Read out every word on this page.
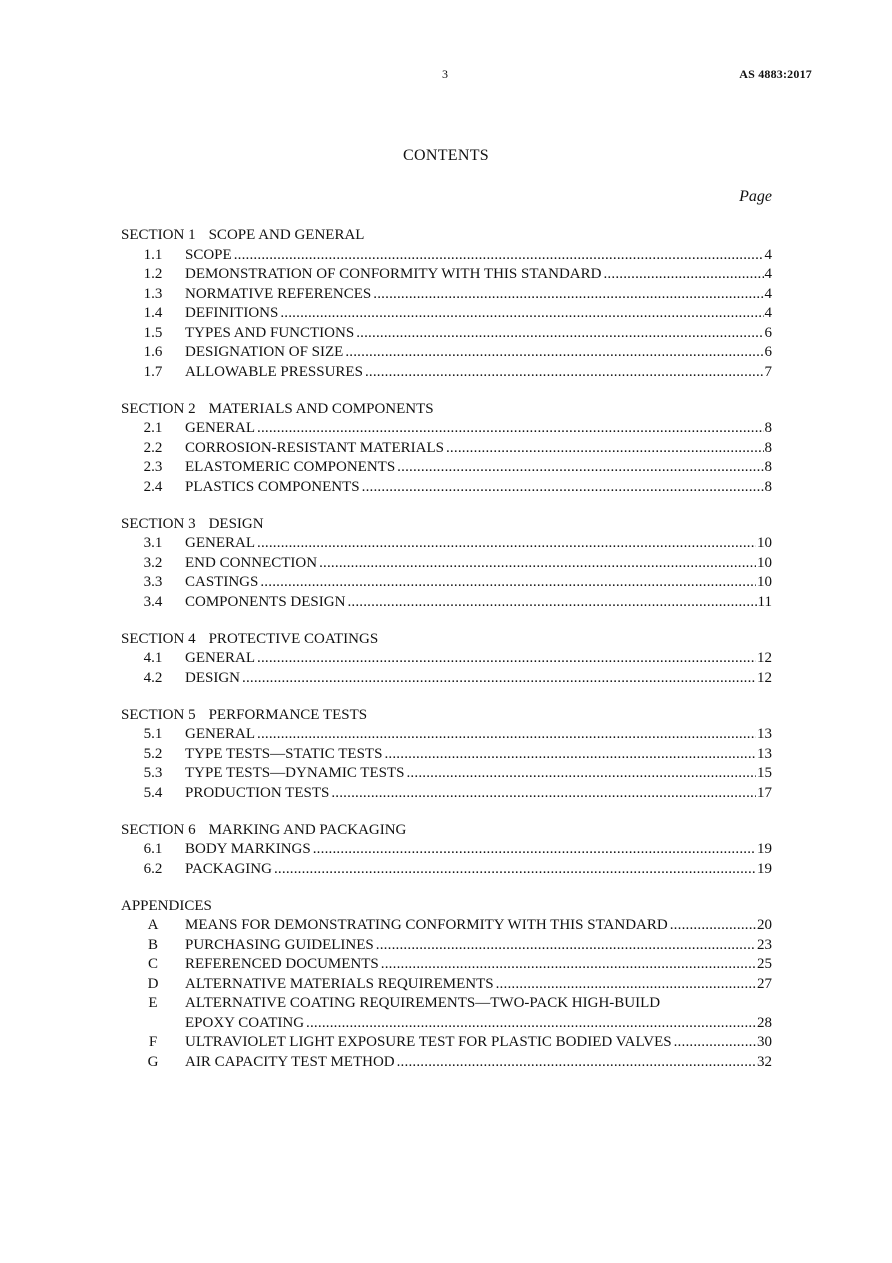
3	AS 4883:2017
CONTENTS
Page
SECTION 1 SCOPE AND GENERAL
1.1	SCOPE .....	4
1.2	DEMONSTRATION OF CONFORMITY WITH THIS STANDARD .....	4
1.3	NORMATIVE REFERENCES .....	4
1.4	DEFINITIONS .....	4
1.5	TYPES AND FUNCTIONS .....	6
1.6	DESIGNATION OF SIZE .....	6
1.7	ALLOWABLE PRESSURES .....	7
SECTION 2 MATERIALS AND COMPONENTS
2.1	GENERAL .....	8
2.2	CORROSION-RESISTANT MATERIALS .....	8
2.3	ELASTOMERIC COMPONENTS .....	8
2.4	PLASTICS COMPONENTS .....	8
SECTION 3 DESIGN
3.1	GENERAL .....	10
3.2	END CONNECTION .....	10
3.3	CASTINGS .....	10
3.4	COMPONENTS DESIGN .....	11
SECTION 4 PROTECTIVE COATINGS
4.1	GENERAL .....	12
4.2	DESIGN .....	12
SECTION 5 PERFORMANCE TESTS
5.1	GENERAL .....	13
5.2	TYPE TESTS—STATIC TESTS .....	13
5.3	TYPE TESTS—DYNAMIC TESTS .....	15
5.4	PRODUCTION TESTS .....	17
SECTION 6 MARKING AND PACKAGING
6.1	BODY MARKINGS .....	19
6.2	PACKAGING .....	19
APPENDICES
A	MEANS FOR DEMONSTRATING CONFORMITY WITH THIS STANDARD .....	20
B	PURCHASING GUIDELINES .....	23
C	REFERENCED DOCUMENTS .....	25
D	ALTERNATIVE MATERIALS REQUIREMENTS .....	27
E	ALTERNATIVE COATING REQUIREMENTS—TWO-PACK HIGH-BUILD
EPOXY COATING .....	28
F	ULTRAVIOLET LIGHT EXPOSURE TEST FOR PLASTIC BODIED VALVES .....	30
G	AIR CAPACITY TEST METHOD .....	32
